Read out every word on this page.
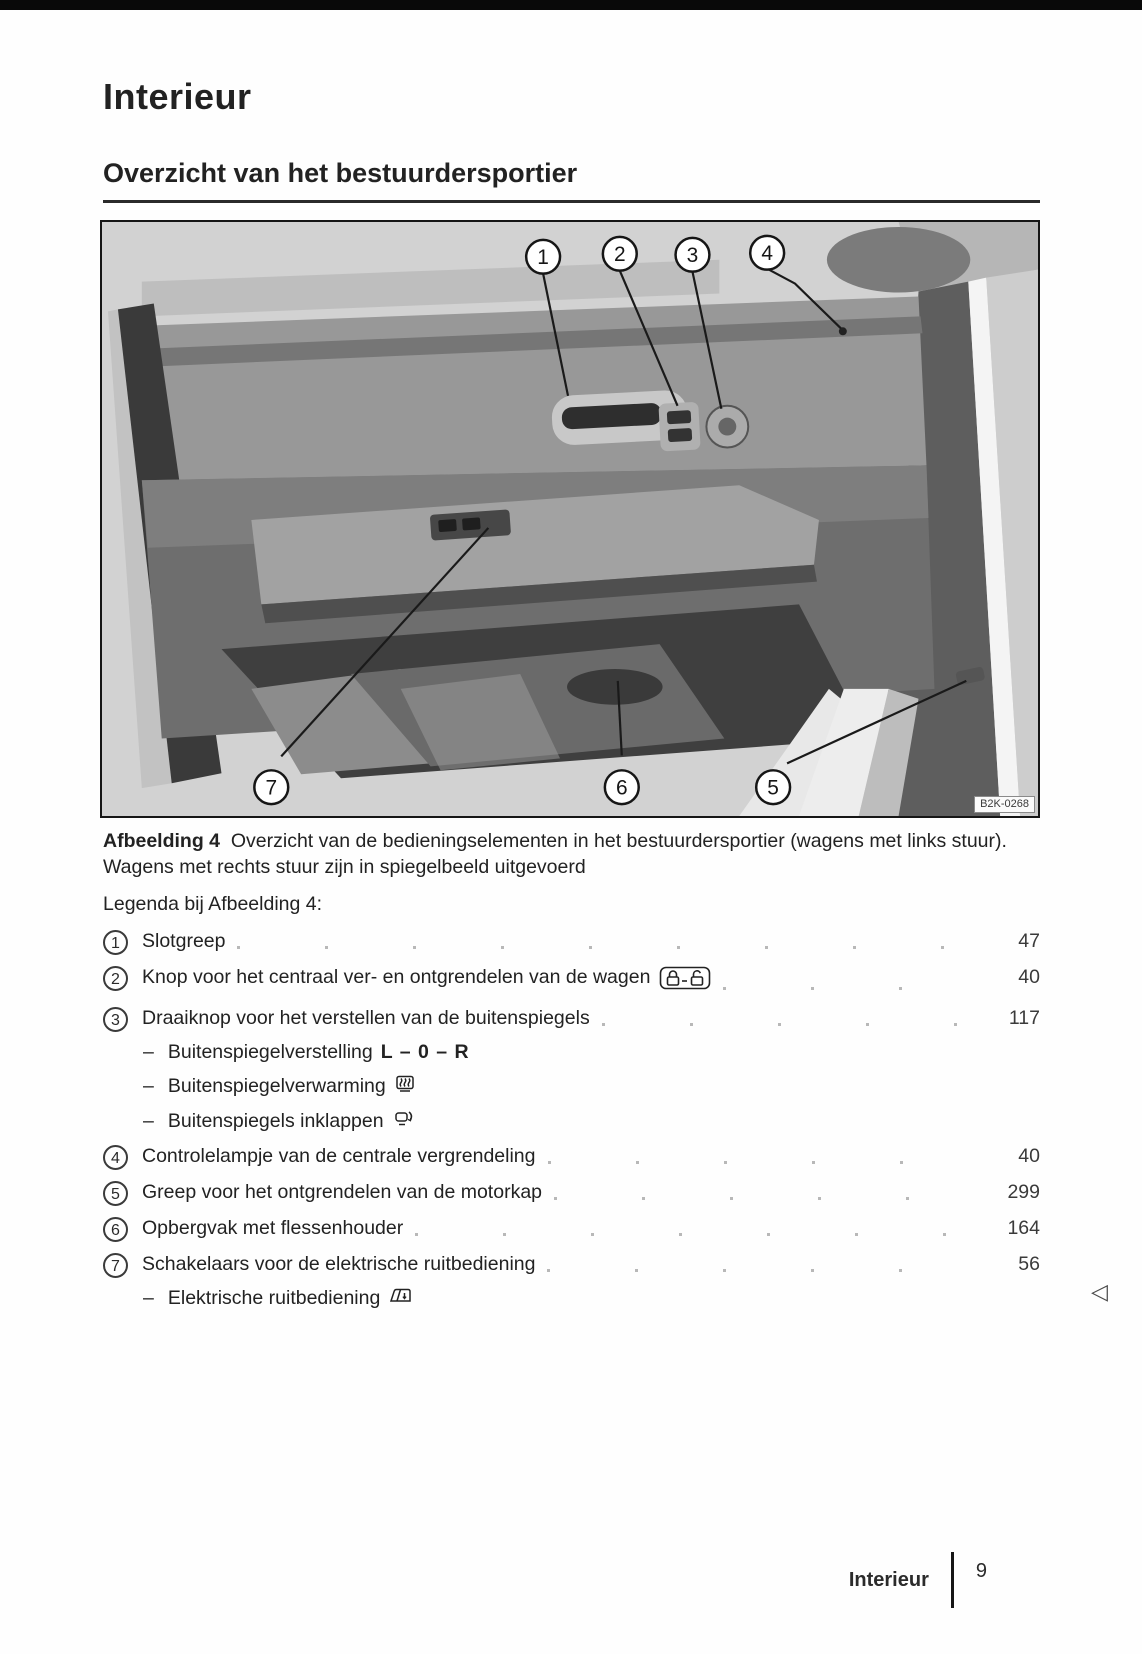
Interieur
Overzicht van het bestuurdersportier
1	2	3	4
7	6	5
B2K-0268
Afbeelding 4 Overzicht van de bedieningselementen in het bestuurdersportier (wagens met links stuur). Wagens met rechts stuur zijn in spiegelbeeld uitgevoerd
Legenda bij Afbeelding 4:
1	Slotgreep	47
2	Knop voor het centraal ver- en ontgrendelen van de wagen	40
3	Draaiknop voor het verstellen van de buitenspiegels	117
– Buitenspiegelverstelling L – 0 – R
– Buitenspiegelverwarming
– Buitenspiegels inklappen
4	Controlelampje van de centrale vergrendeling	40
5	Greep voor het ontgrendelen van de motorkap	299
6	Opbergvak met flessenhouder	164
7	Schakelaars voor de elektrische ruitbediening	56
– Elektrische ruitbediening	◁
Interieur 9
